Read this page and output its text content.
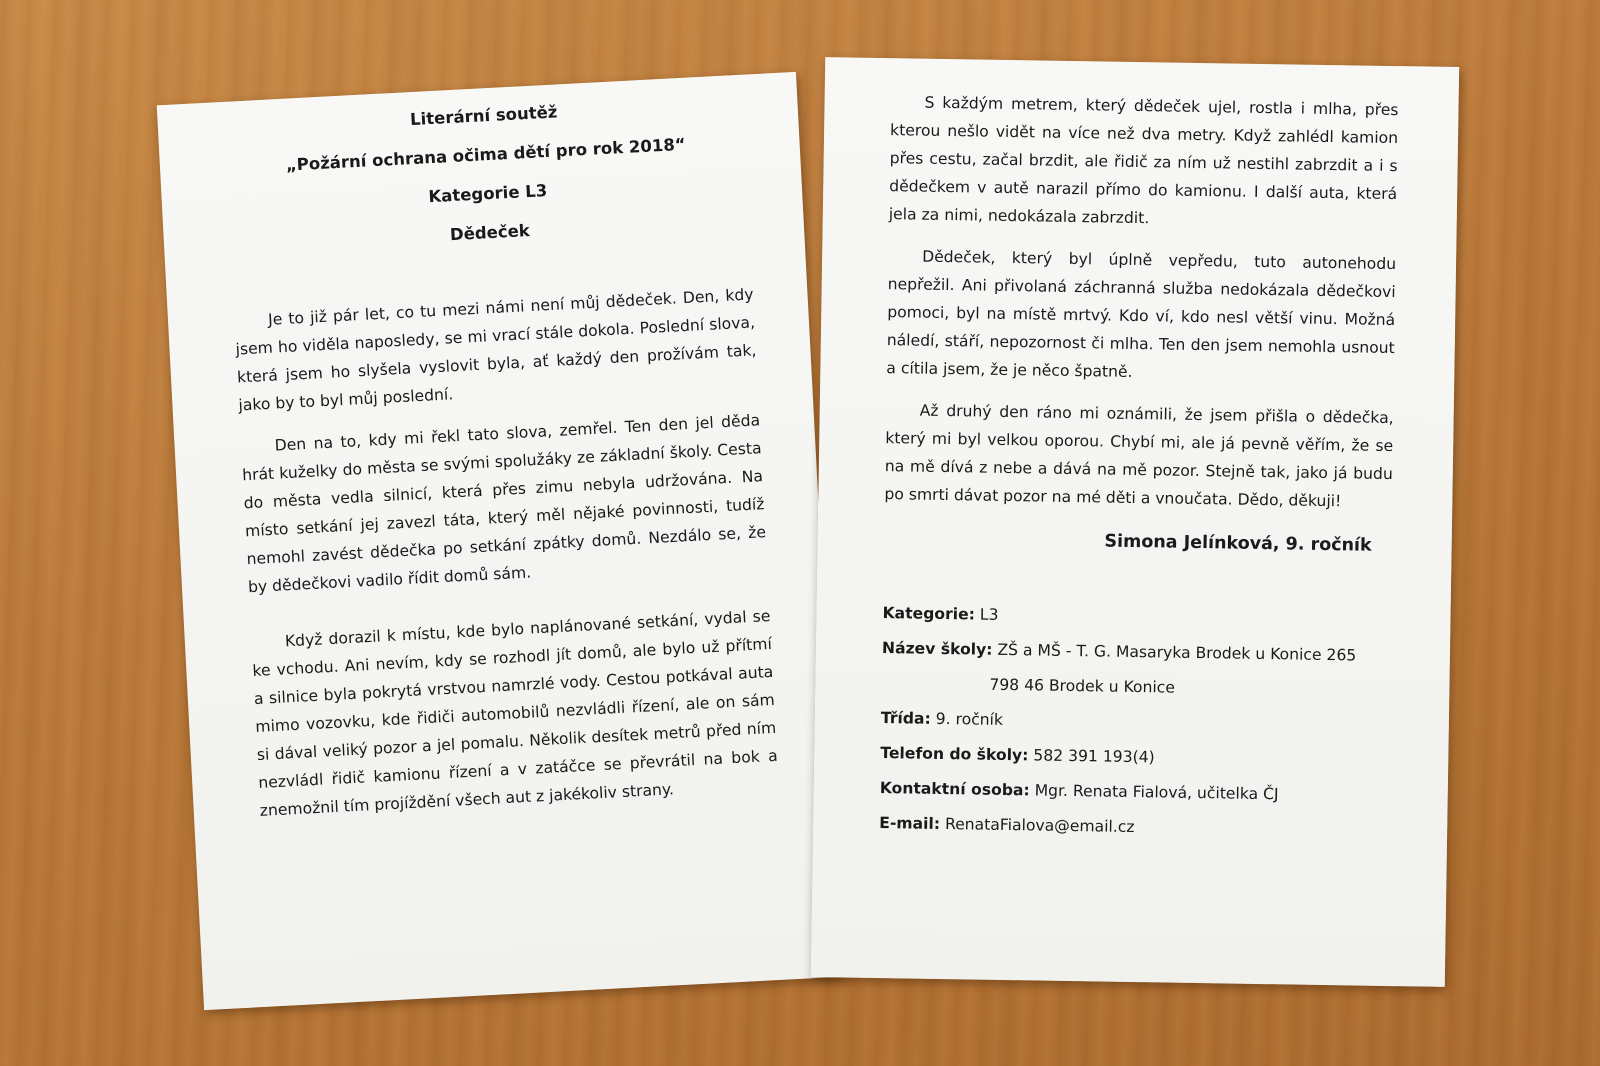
Literární soutěž

„Požární ochrana očima dětí pro rok 2018“

Kategorie L3

Dědeček

Je to již pár let, co tu mezi námi není můj dědeček. Den, kdy jsem ho viděla naposledy, se mi vrací stále dokola. Poslední slova, která jsem ho slyšela vyslovit byla, ať každý den prožívám tak, jako by to byl můj poslední.

Den na to, kdy mi řekl tato slova, zemřel. Ten den jel děda hrát kuželky do města se svými spolužáky ze základní školy. Cesta do města vedla silnicí, která přes zimu nebyla udržována. Na místo setkání jej zavezl táta, který měl nějaké povinnosti, tudíž nemohl zavést dědečka po setkání zpátky domů. Nezdálo se, že by dědečkovi vadilo řídit domů sám.

Když dorazil k místu, kde bylo naplánované setkání, vydal se ke vchodu. Ani nevím, kdy se rozhodl jít domů, ale bylo už přítmí a silnice byla pokrytá vrstvou namrzlé vody. Cestou potkával auta mimo vozovku, kde řidiči automobilů nezvládli řízení, ale on sám si dával veliký pozor a jel pomalu. Několik desítek metrů před ním nezvládl řidič kamionu řízení a v zatáčce se převrátil na bok a znemožnil tím projíždění všech aut z jakékoliv strany.

S každým metrem, který dědeček ujel, rostla i mlha, přes kterou nešlo vidět na více než dva metry. Když zahlédl kamion přes cestu, začal brzdit, ale řidič za ním už nestihl zabrzdit a i s dědečkem v autě narazil přímo do kamionu. I další auta, která jela za nimi, nedokázala zabrzdit.

Dědeček, který byl úplně vepředu, tuto autonehodu nepřežil. Ani přivolaná záchranná služba nedokázala dědečkovi pomoci, byl na místě mrtvý. Kdo ví, kdo nesl větší vinu. Možná náledí, stáří, nepozornost či mlha. Ten den jsem nemohla usnout a cítila jsem, že je něco špatně.

Až druhý den ráno mi oznámili, že jsem přišla o dědečka, který mi byl velkou oporou. Chybí mi, ale já pevně věřím, že se na mě dívá z nebe a dává na mě pozor. Stejně tak, jako já budu po smrti dávat pozor na mé děti a vnoučata. Dědo, děkuji!

Simona Jelínková, 9. ročník

Kategorie: L3

Název školy: ZŠ a MŠ - T. G. Masaryka Brodek u Konice 265

798 46 Brodek u Konice

Třída: 9. ročník

Telefon do školy: 582 391 193(4)

Kontaktní osoba: Mgr. Renata Fialová, učitelka ČJ

E-mail: RenataFialova@email.cz
